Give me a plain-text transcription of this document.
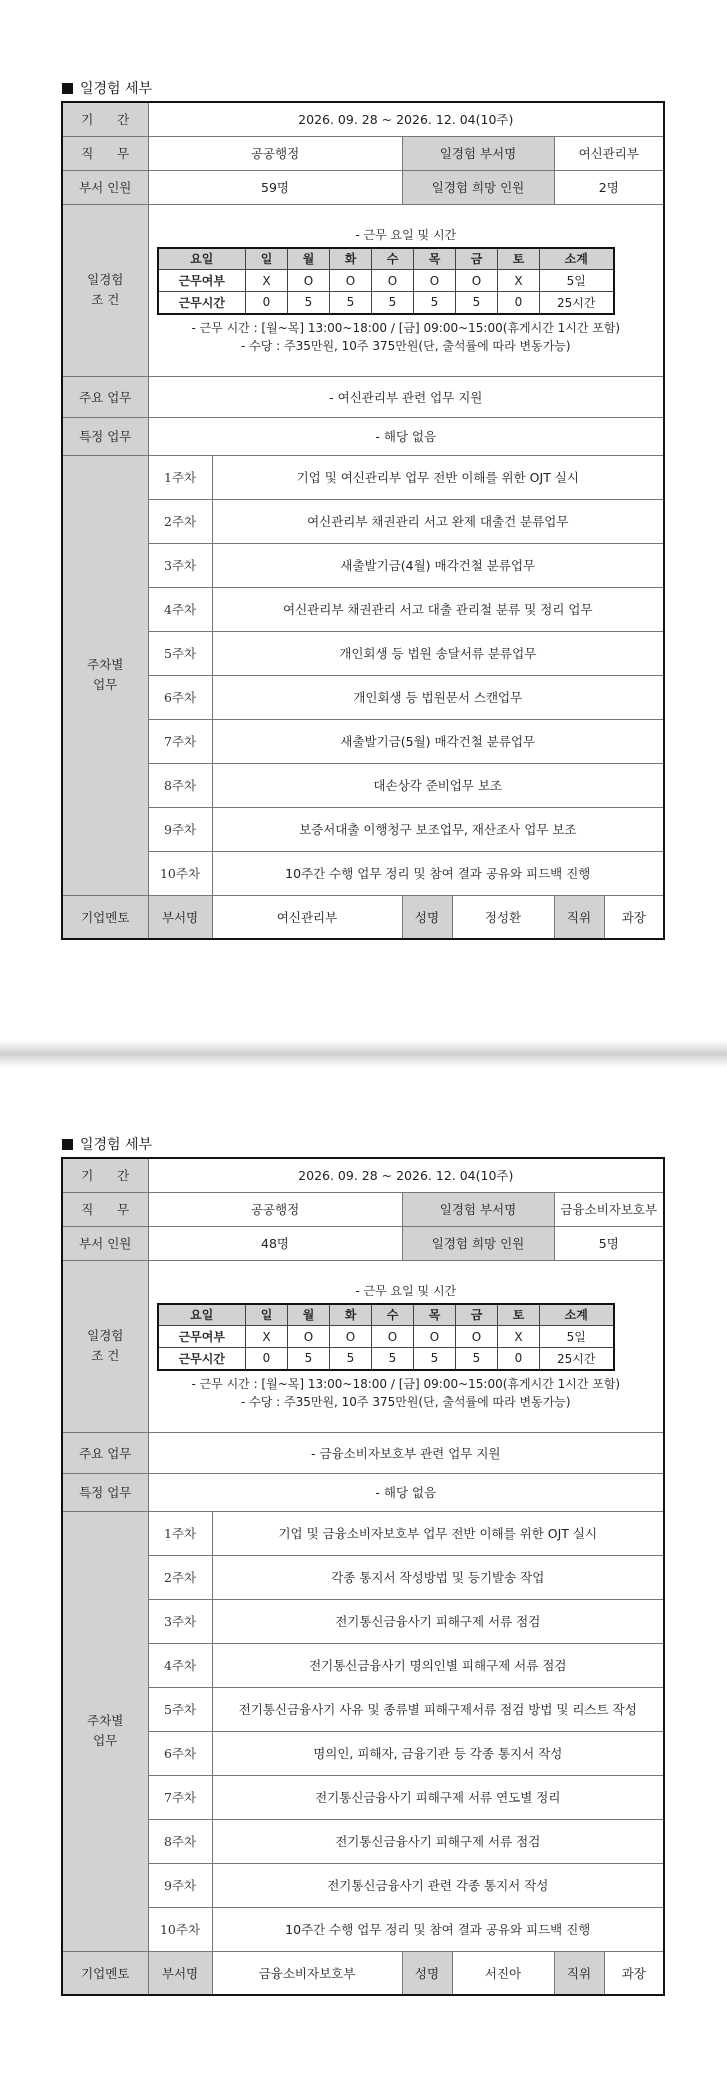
일경험 세부
기      간	2026. 09. 28 ~ 2026. 12. 04(10주)
직      무	공공행정	일경험 부서명	여신관리부
부서 인원	59명	일경험 희망 인원	2명
일경험
조 건	
- 근무 요일 및 시간
요일	일	월	화	수	목	금	토	소계
근무여부	X	O	O	O	O	O	X	5일
근무시간	0	5	5	5	5	5	0	25시간
- 근무 시간 : [월~목] 13:00~18:00 / [금] 09:00~15:00(휴게시간 1시간 포함)
- 수당 : 주35만원, 10주 375만원(단, 출석률에 따라 변동가능)

주요 업무	- 여신관리부 관련 업무 지원
특정 업무	- 해당 없음
주차별
업무	1주차	기업 및 여신관리부 업무 전반 이해를 위한 OJT 실시
2주차	여신관리부 채권관리 서고 완제 대출건 분류업무
3주차	새출발기금(4월) 매각건철 분류업무
4주차	여신관리부 채권관리 서고 대출 관리철 분류 및 정리 업무
5주차	개인회생 등 법원 송달서류 분류업무
6주차	개인회생 등 법원문서 스캔업무
7주차	새출발기금(5월) 매각건철 분류업무
8주차	대손상각 준비업무 보조
9주차	보증서대출 이행청구 보조업무, 재산조사 업무 보조
10주차	10주간 수행 업무 정리 및 참여 결과 공유와 피드백 진행
기업멘토	부서명	여신관리부	성명	정성환	직위	과장
일경험 세부
기      간	2026. 09. 28 ~ 2026. 12. 04(10주)
직      무	공공행정	일경험 부서명	금융소비자보호부
부서 인원	48명	일경험 희망 인원	5명
일경험
조 건	
- 근무 요일 및 시간
요일	일	월	화	수	목	금	토	소계
근무여부	X	O	O	O	O	O	X	5일
근무시간	0	5	5	5	5	5	0	25시간
- 근무 시간 : [월~목] 13:00~18:00 / [금] 09:00~15:00(휴게시간 1시간 포함)
- 수당 : 주35만원, 10주 375만원(단, 출석률에 따라 변동가능)

주요 업무	- 금융소비자보호부 관련 업무 지원
특정 업무	- 해당 없음
주차별
업무	1주차	기업 및 금융소비자보호부 업무 전반 이해를 위한 OJT 실시
2주차	각종 통지서 작성방법 및 등기발송 작업
3주차	전기통신금융사기 피해구제 서류 점검
4주차	전기통신금융사기 명의인별 피해구제 서류 점검
5주차	전기통신금융사기 사유 및 종류별 피해구제서류 점검 방법 및 리스트 작성
6주차	명의인, 피해자, 금융기관 등 각종 통지서 작성
7주차	전기통신금융사기 피해구제 서류 연도별 정리
8주차	전기통신금융사기 피해구제 서류 점검
9주차	전기통신금융사기 관련 각종 통지서 작성
10주차	10주간 수행 업무 정리 및 참여 결과 공유와 피드백 진행
기업멘토	부서명	금융소비자보호부	성명	서진아	직위	과장
